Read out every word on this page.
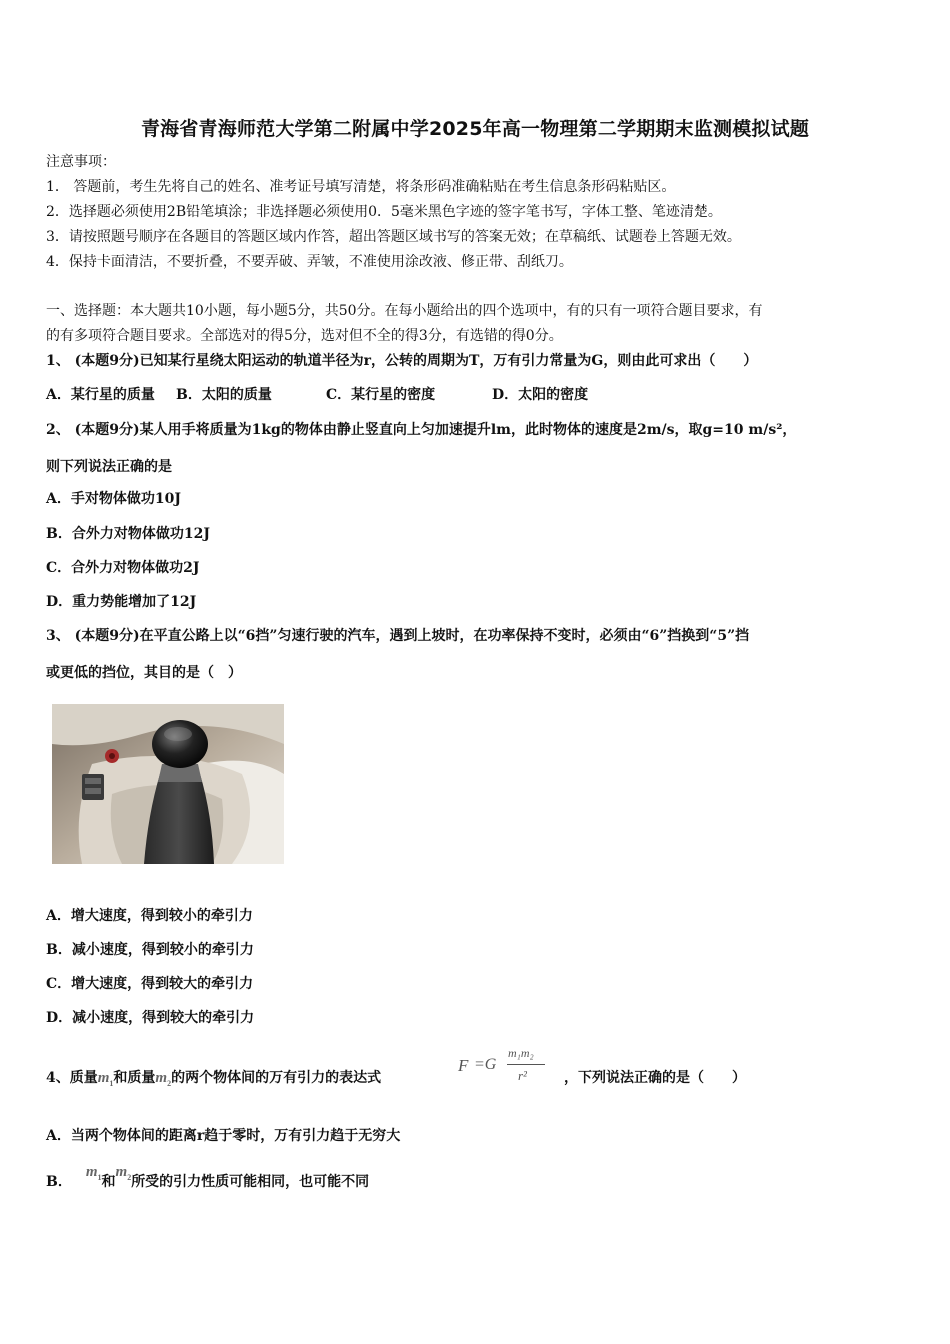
青海省青海师范大学第二附属中学2025年高一物理第二学期期末监测模拟试题
注意事项：
1． 答题前，考生先将自己的姓名、准考证号填写清楚，将条形码准确粘贴在考生信息条形码粘贴区。
2．选择题必须使用2B铅笔填涂；非选择题必须使用0．5毫米黑色字迹的签字笔书写，字体工整、笔迹清楚。
3．请按照题号顺序在各题目的答题区域内作答，超出答题区域书写的答案无效；在草稿纸、试题卷上答题无效。
4．保持卡面清洁，不要折叠，不要弄破、弄皱，不准使用涂改液、修正带、刮纸刀。
一、选择题：本大题共10小题，每小题5分，共50分。在每小题给出的四个选项中，有的只有一项符合题目要求，有
的有多项符合题目要求。全部选对的得5分，选对但不全的得3分，有选错的得0分。
1、 (本题9分)已知某行星绕太阳运动的轨道半径为r，公转的周期为T，万有引力常量为G，则由此可求出（　　）
A．某行星的质量 B．太阳的质量	C．某行星的密度	D．太阳的密度
2、 (本题9分)某人用手将质量为1kg的物体由静止竖直向上匀加速提升lm，此时物体的速度是2m/s，取g=10 m/s²，
则下列说法正确的是
A．手对物体做功10J
B．合外力对物体做功12J
C．合外力对物体做功2J
D．重力势能增加了12J
3、 (本题9分)在平直公路上以“6挡”匀速行驶的汽车，遇到上坡时，在功率保持不变时，必须由“6”挡换到“5”挡
或更低的挡位，其目的是（　）
A．增大速度，得到较小的牵引力
B．减小速度，得到较小的牵引力
C．增大速度，得到较大的牵引力
D．减小速度，得到较大的牵引力
4、质量$m_1$和质量$m_2$的两个物体间的万有引力的表达式
F =G
m₁m₂
r²	，下列说法正确的是（　　）
A．当两个物体间的距离r趋于零时，万有引力趋于无穷大
B．$m_1$和$m_2$所受的引力性质可能相同，也可能不同
